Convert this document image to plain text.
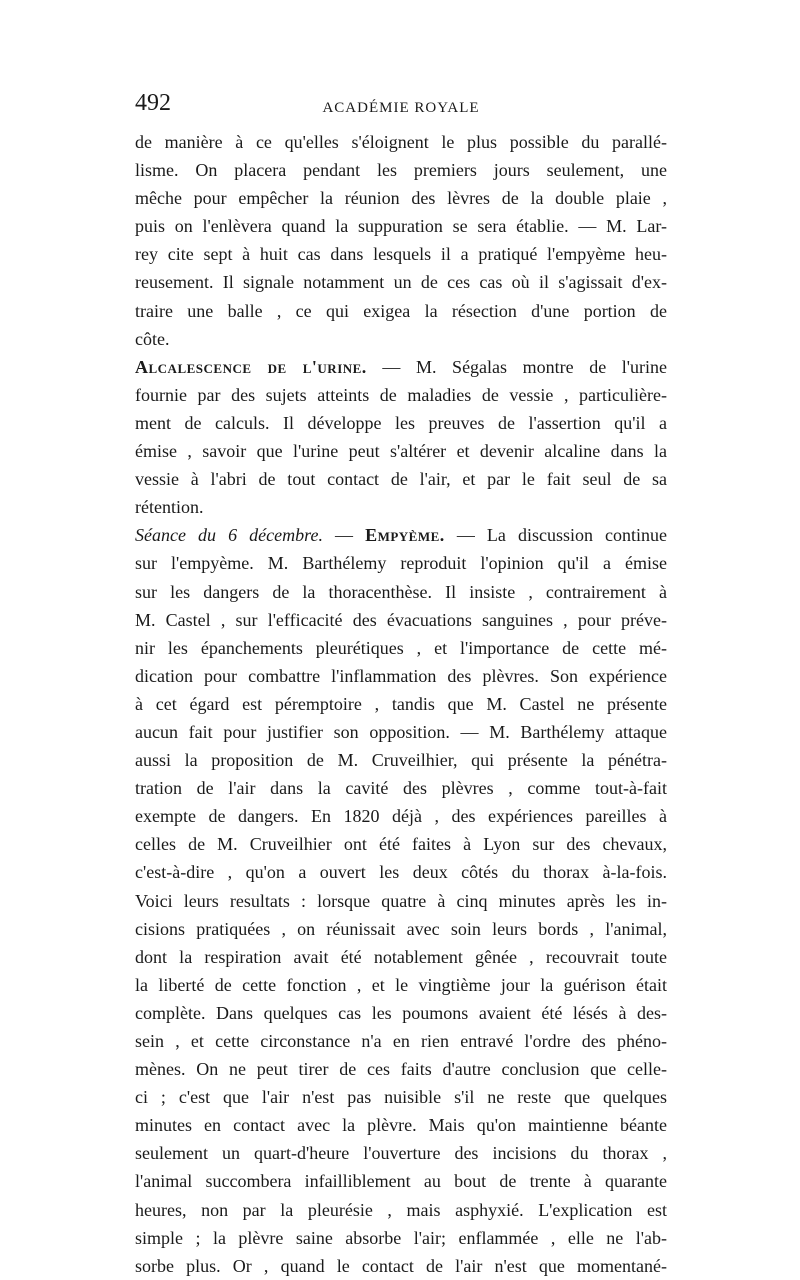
492	ACADÉMIE ROYALE
de manière à ce qu'elles s'éloignent le plus possible du parallé-
lisme. On placera pendant les premiers jours seulement, une
mêche pour empêcher la réunion des lèvres de la double plaie ,
puis on l'enlèvera quand la suppuration se sera établie. — M. Lar-
rey cite sept à huit cas dans lesquels il a pratiqué l'empyème heu-
reusement. Il signale notamment un de ces cas où il s'agissait d'ex-
traire une balle , ce qui exigea la résection d'une portion de
côte.
Alcalescence de l'urine. — M. Ségalas montre de l'urine
fournie par des sujets atteints de maladies de vessie , particulière-
ment de calculs. Il développe les preuves de l'assertion qu'il a
émise , savoir que l'urine peut s'altérer et devenir alcaline dans la
vessie à l'abri de tout contact de l'air, et par le fait seul de sa
rétention.
Séance du 6 décembre. — Empyème. — La discussion continue
sur l'empyème. M. Barthélemy reproduit l'opinion qu'il a émise
sur les dangers de la thoracenthèse. Il insiste , contrairement à
M. Castel , sur l'efficacité des évacuations sanguines , pour préve-
nir les épanchements pleurétiques , et l'importance de cette mé-
dication pour combattre l'inflammation des plèvres. Son expérience
à cet égard est péremptoire , tandis que M. Castel ne présente
aucun fait pour justifier son opposition. — M. Barthélemy attaque
aussi la proposition de M. Cruveilhier, qui présente la pénétra-
tration de l'air dans la cavité des plèvres , comme tout-à-fait
exempte de dangers. En 1820 déjà , des expériences pareilles à
celles de M. Cruveilhier ont été faites à Lyon sur des chevaux,
c'est-à-dire , qu'on a ouvert les deux côtés du thorax à-la-fois.
Voici leurs resultats : lorsque quatre à cinq minutes après les in-
cisions pratiquées , on réunissait avec soin leurs bords , l'animal,
dont la respiration avait été notablement gênée , recouvrait toute
la liberté de cette fonction , et le vingtième jour la guérison était
complète. Dans quelques cas les poumons avaient été lésés à des-
sein , et cette circonstance n'a en rien entravé l'ordre des phéno-
mènes. On ne peut tirer de ces faits d'autre conclusion que celle-
ci ; c'est que l'air n'est pas nuisible s'il ne reste que quelques
minutes en contact avec la plèvre. Mais qu'on maintienne béante
seulement un quart-d'heure l'ouverture des incisions du thorax ,
l'animal succombera infailliblement au bout de trente à quarante
heures, non par la pleurésie , mais asphyxié. L'explication est
simple ; la plèvre saine absorbe l'air; enflammée , elle ne l'ab-
sorbe plus. Or , quand le contact de l'air n'est que momentané-
